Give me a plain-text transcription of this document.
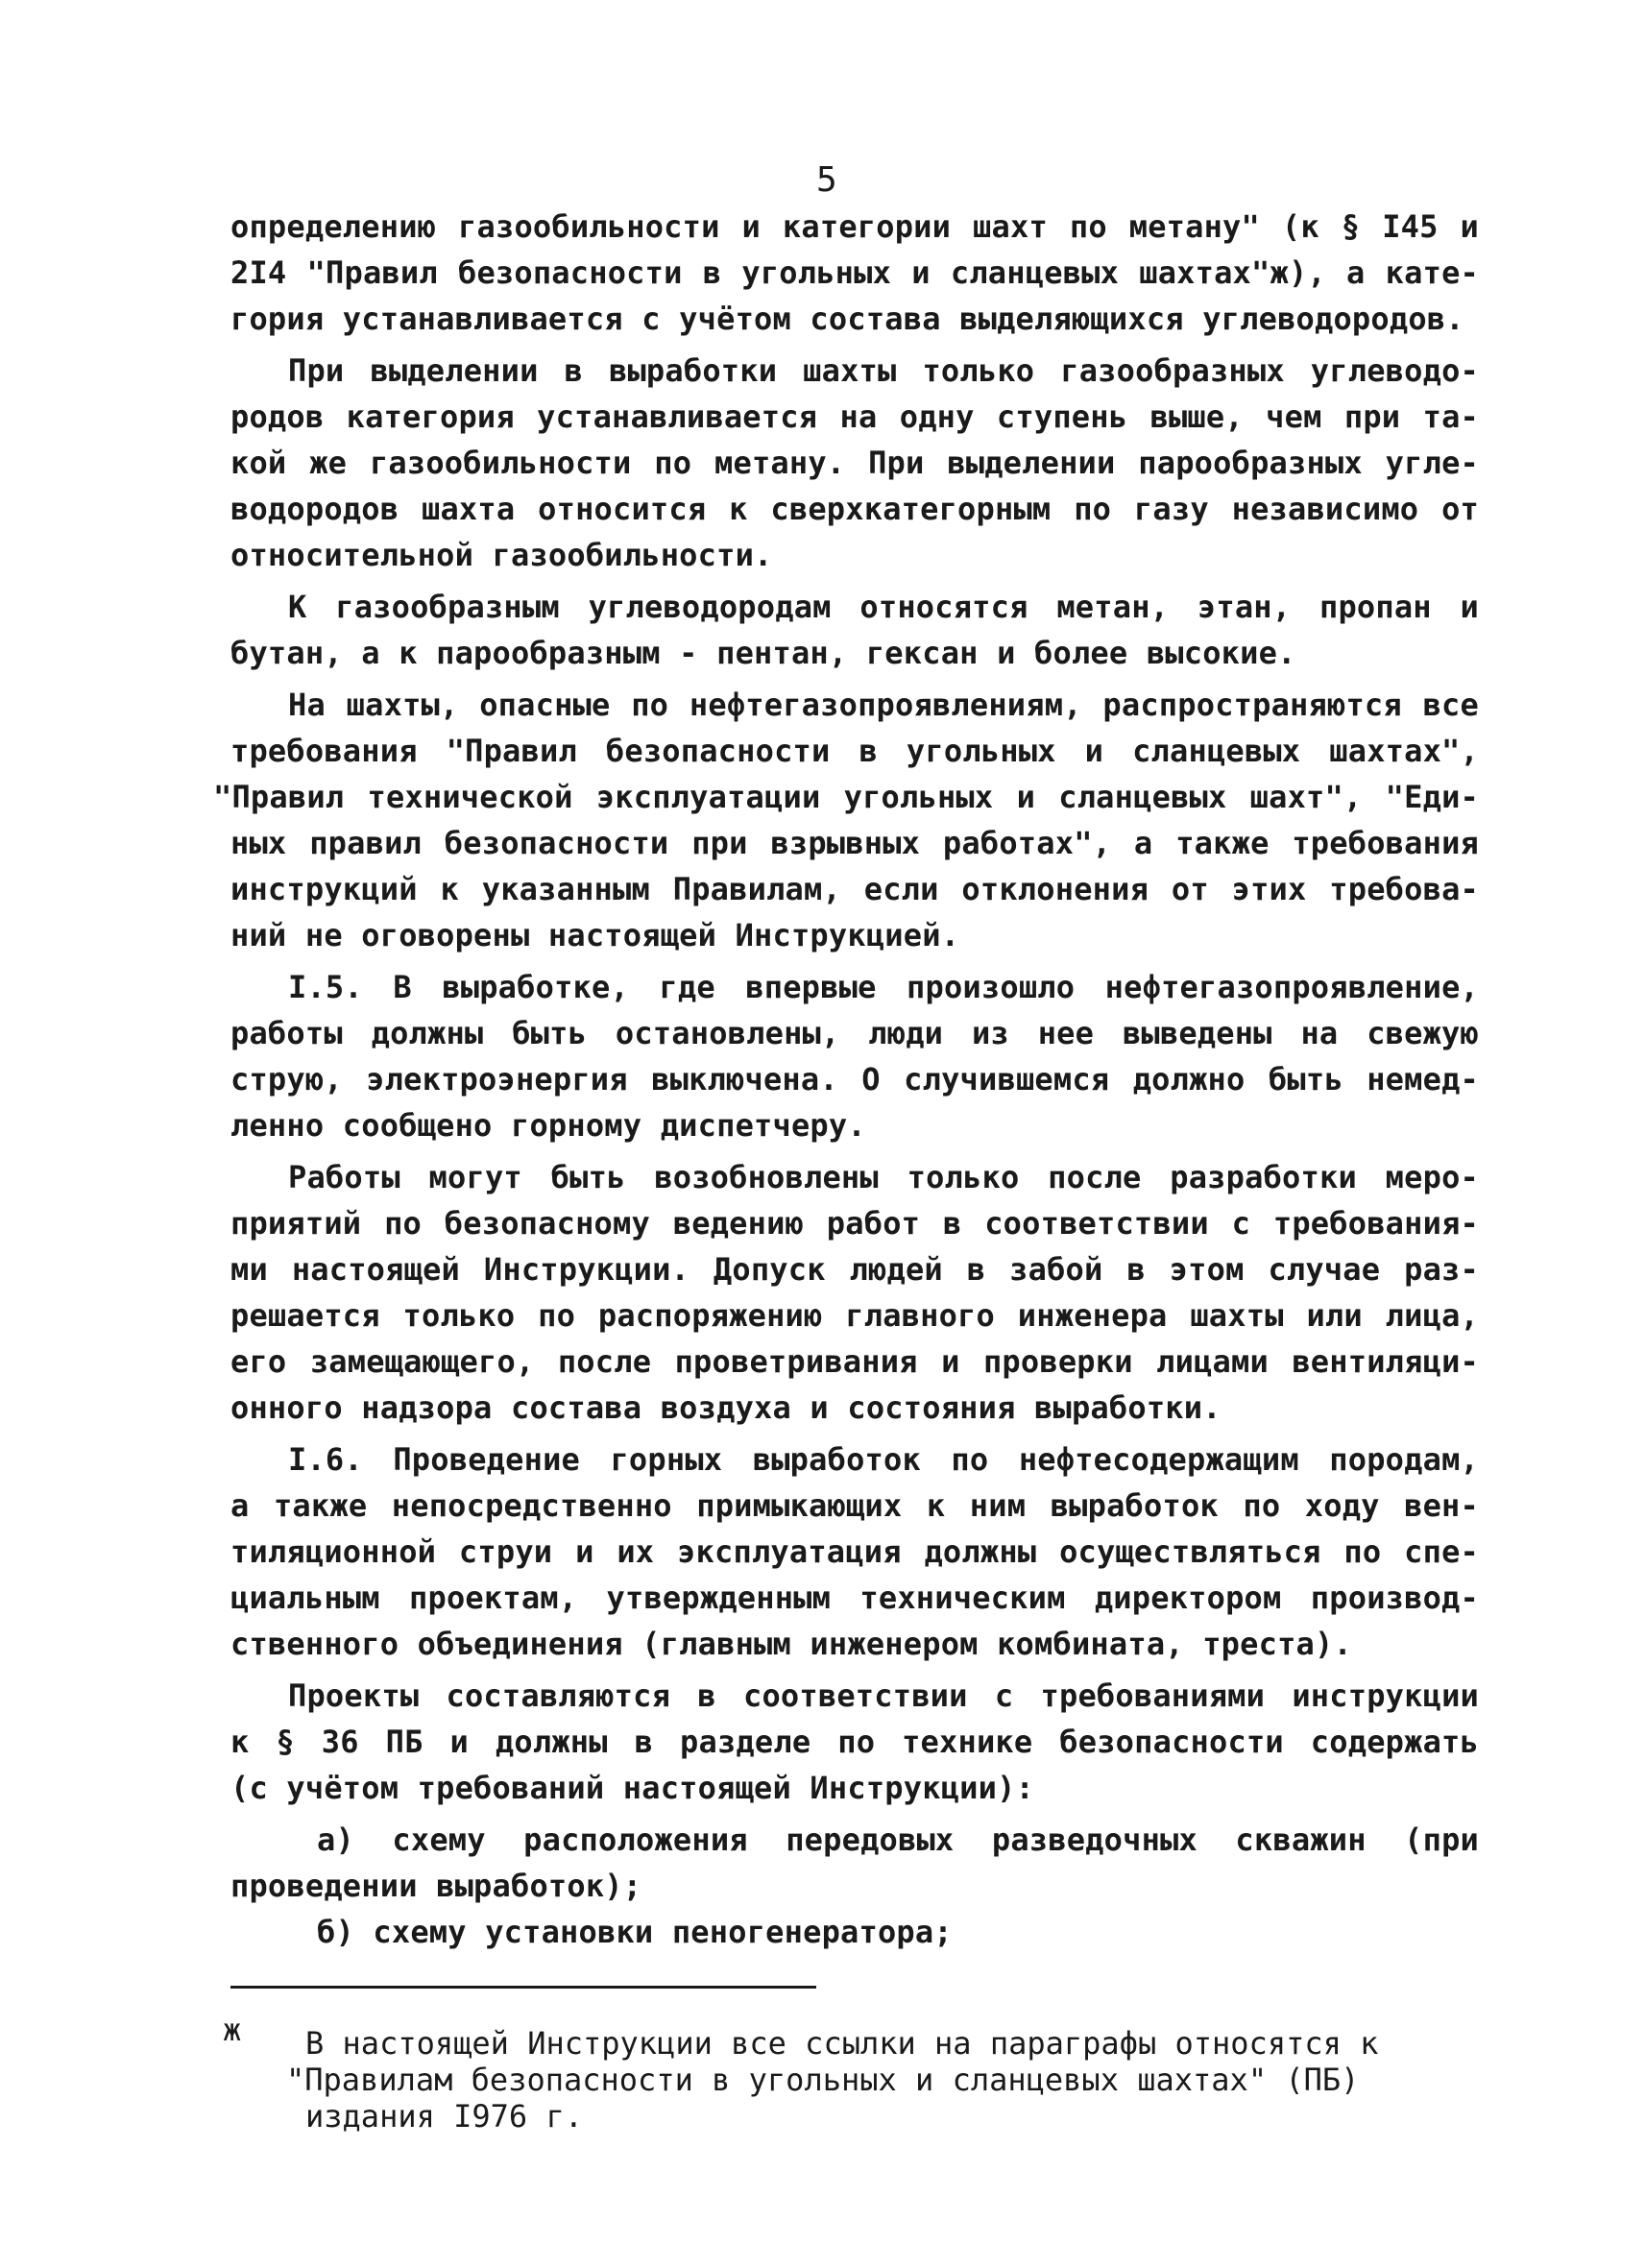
5
определению газообильности и категории шахт по метану" (к § I45 и
2I4 "Правил безопасности в угольных и сланцевых шахтах"ж), а кате-
гория устанавливается с учётом состава выделяющихся углеводородов.
При выделении в выработки шахты только газообразных углеводо-
родов категория устанавливается на одну ступень выше, чем при та-
кой же газообильности по метану. При выделении парообразных угле-
водородов шахта относится к сверхкатегорным по газу независимо от
относительной газообильности.
К газообразным углеводородам относятся метан, этан, пропан и
бутан, а к парообразным - пентан, гексан и более высокие.
На шахты, опасные по нефтегазопроявлениям, распространяются все
требования "Правил безопасности в угольных и сланцевых шахтах",
"Правил технической эксплуатации угольных и сланцевых шахт", "Еди-
ных правил безопасности при взрывных работах", а также требования
инструкций к указанным Правилам, если отклонения от этих требова-
ний не оговорены настоящей Инструкцией.
I.5. В выработке, где впервые произошло нефтегазопроявление,
работы должны быть остановлены, люди из нее выведены на свежую
струю, электроэнергия выключена. О случившемся должно быть немед-
ленно сообщено горному диспетчеру.
Работы могут быть возобновлены только после разработки меро-
приятий по безопасному ведению работ в соответствии с требования-
ми настоящей Инструкции. Допуск людей в забой в этом случае раз-
решается только по распоряжению главного инженера шахты или лица,
его замещающего, после проветривания и проверки лицами вентиляци-
онного надзора состава воздуха и состояния выработки.
I.6. Проведение горных выработок по нефтесодержащим породам,
а также непосредственно примыкающих к ним выработок по ходу вен-
тиляционной струи и их эксплуатация должны осуществляться по спе-
циальным проектам, утвержденным техническим директором производ-
ственного объединения (главным инженером комбината, треста).
Проекты составляются в соответствии с требованиями инструкции
к § 36 ПБ и должны в разделе по технике безопасности содержать
(с учётом требований настоящей Инструкции):
а) схему расположения передовых разведочных скважин (при
проведении выработок);
б) схему установки пеногенератора;
ж В настоящей Инструкции все ссылки на параграфы относятся к
"Правилам безопасности в угольных и сланцевых шахтах" (ПБ)
издания I976 г.
